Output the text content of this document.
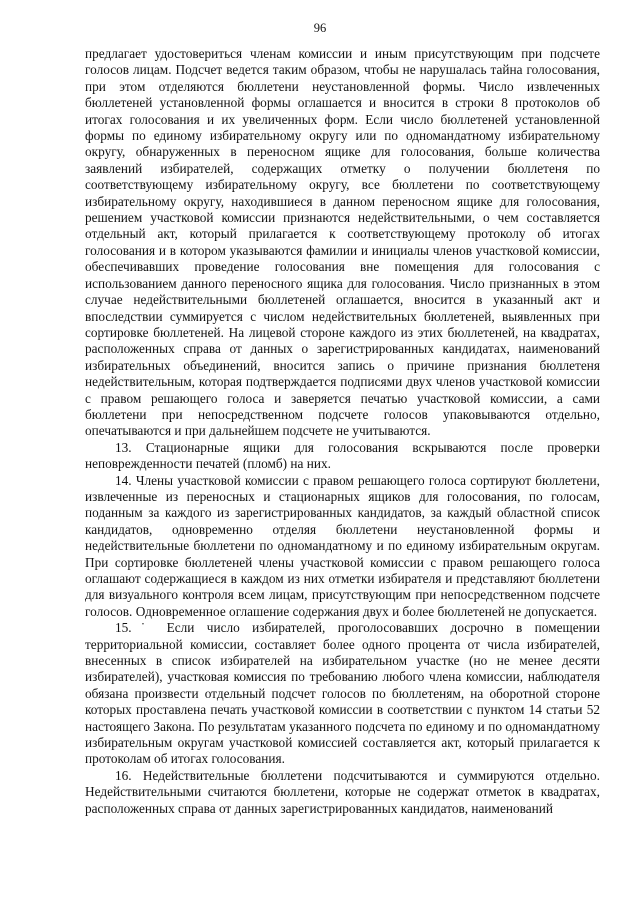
96

предлагает удостовериться членам комиссии и иным присутствующим при подсчете голосов лицам. Подсчет ведется таким образом, чтобы не нарушалась тайна голосования, при этом отделяются бюллетени неустановленной формы. Число извлеченных бюллетеней установленной формы оглашается и вносится в строки 8 протоколов об итогах голосования и их увеличенных форм. Если число бюллетеней установленной формы по единому избирательному округу или по одномандатному избирательному округу, обнаруженных в переносном ящике для голосования, больше количества заявлений избирателей, содержащих отметку о получении бюллетеня по соответствующему избирательному округу, все бюллетени по соответствующему избирательному округу, находившиеся в данном переносном ящике для голосования, решением участковой комиссии признаются недействительными, о чем составляется отдельный акт, который прилагается к соответствующему протоколу об итогах голосования и в котором указываются фамилии и инициалы членов участковой комиссии, обеспечивавших проведение голосования вне помещения для голосования с использованием данного переносного ящика для голосования. Число признанных в этом случае недействительными бюллетеней оглашается, вносится в указанный акт и впоследствии суммируется с числом недействительных бюллетеней, выявленных при сортировке бюллетеней. На лицевой стороне каждого из этих бюллетеней, на квадратах, расположенных справа от данных о зарегистрированных кандидатах, наименований избирательных объединений, вносится запись о причине признания бюллетеня недействительным, которая подтверждается подписями двух членов участковой комиссии с правом решающего голоса и заверяется печатью участковой комиссии, а сами бюллетени при непосредственном подсчете голосов упаковываются отдельно, опечатываются и при дальнейшем подсчете не учитываются.

13. Стационарные ящики для голосования вскрываются после проверки неповрежденности печатей (пломб) на них.

14. Члены участковой комиссии с правом решающего голоса сортируют бюллетени, извлеченные из переносных и стационарных ящиков для голосования, по голосам, поданным за каждого из зарегистрированных кандидатов, за каждый областной список кандидатов, одновременно отделяя бюллетени неустановленной формы и недействительные бюллетени по одномандатному и по единому избирательным округам. При сортировке бюллетеней члены участковой комиссии с правом решающего голоса оглашают содержащиеся в каждом из них отметки избирателя и представляют бюллетени для визуального контроля всем лицам, присутствующим при непосредственном подсчете голосов. Одновременное оглашение содержания двух и более бюллетеней не допускается.

15.˙ Если число избирателей, проголосовавших досрочно в помещении территориальной комиссии, составляет более одного процента от числа избирателей, внесенных в список избирателей на избирательном участке (но не менее десяти избирателей), участковая комиссия по требованию любого члена комиссии, наблюдателя обязана произвести отдельный подсчет голосов по бюллетеням, на оборотной стороне которых проставлена печать участковой комиссии в соответствии с пунктом 14 статьи 52 настоящего Закона. По результатам указанного подсчета по единому и по одномандатному избирательным округам участковой комиссией составляется акт, который прилагается к протоколам об итогах голосования.

16. Недействительные бюллетени подсчитываются и суммируются отдельно. Недействительными считаются бюллетени, которые не содержат отметок в квадратах, расположенных справа от данных зарегистрированных кандидатов, наименований
